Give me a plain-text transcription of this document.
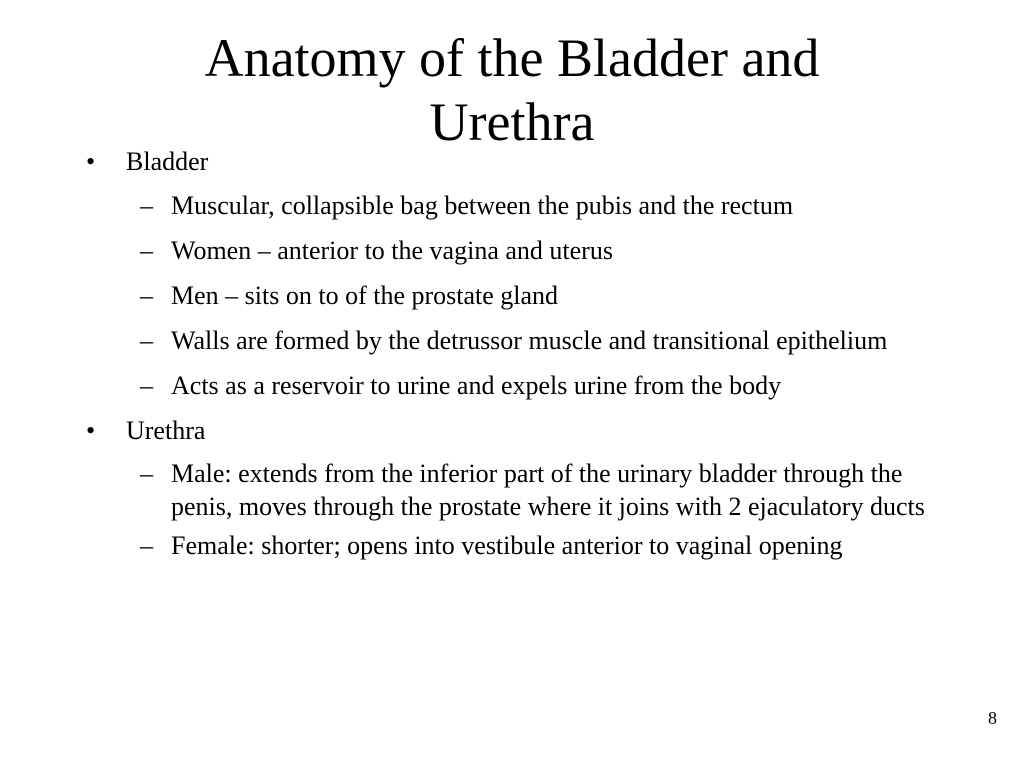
Anatomy of the Bladder and
Urethra
• Bladder
– Muscular, collapsible bag between the pubis and the rectum
– Women – anterior to the vagina and uterus
– Men – sits on to of the prostate gland
– Walls are formed by the detrussor muscle and transitional epithelium
– Acts as a reservoir to urine and expels urine from the body
• Urethra
– Male: extends from the inferior part of the urinary bladder through the penis, moves through the prostate where it joins with 2 ejaculatory ducts
– Female: shorter; opens into vestibule anterior to vaginal opening
8
